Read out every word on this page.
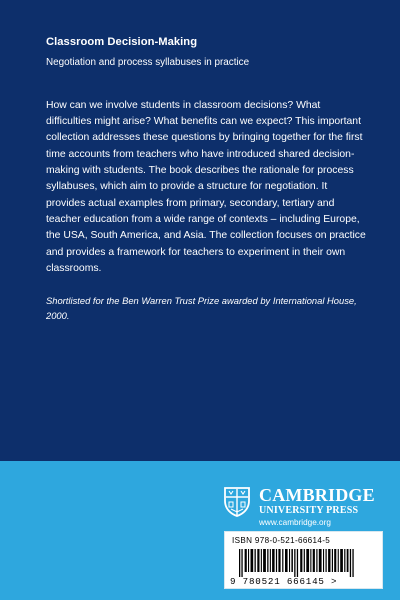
Classroom Decision-Making

Negotiation and process syllabuses in practice

How can we involve students in classroom decisions? What difficulties might arise? What benefits can we expect? This important collection addresses these questions by bringing together for the first time accounts from teachers who have introduced shared decision-making with students. The book describes the rationale for process syllabuses, which aim to provide a structure for negotiation. It provides actual examples from primary, secondary, tertiary and teacher education from a wide range of contexts – including Europe, the USA, South America, and Asia. The collection focuses on practice and provides a framework for teachers to experiment in their own classrooms.

Shortlisted for the Ben Warren Trust Prize awarded by International House, 2000.

CAMBRIDGE
UNIVERSITY PRESS
www.cambridge.org
ISBN 978-0-521-66614-5
9 780521 666145 >
